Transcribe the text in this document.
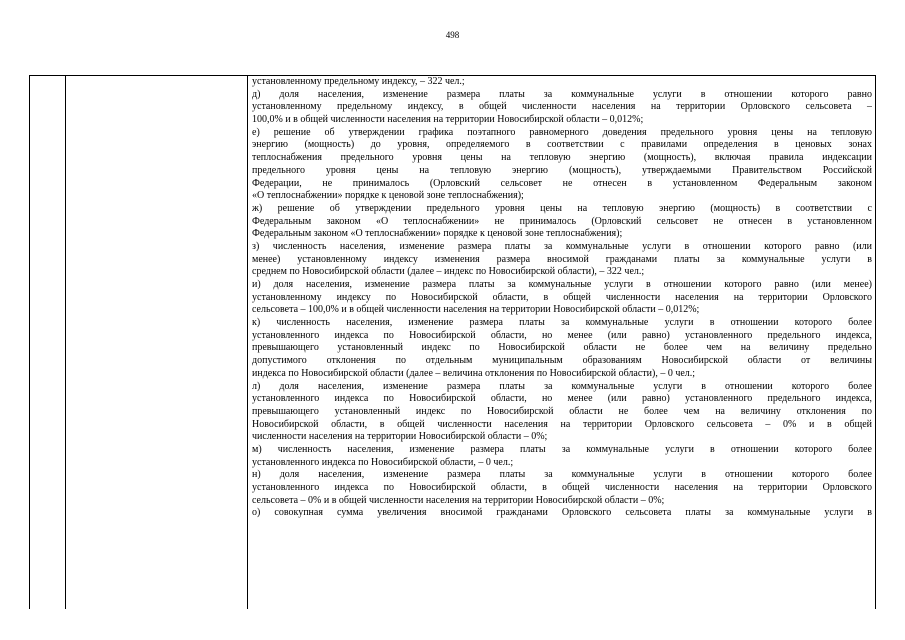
498
установленному предельному индексу, – 322 чел.;
д) доля населения, изменение размера платы за коммунальные услуги в отношении которого равно
установленному предельному индексу, в общей численности населения на территории Орловского сельсовета –
100,0% и в общей численности населения на территории Новосибирской области – 0,012%;
е) решение об утверждении графика поэтапного равномерного доведения предельного уровня цены на тепловую
энергию (мощность) до уровня, определяемого в соответствии с правилами определения в ценовых зонах
теплоснабжения предельного уровня цены на тепловую энергию (мощность), включая правила индексации
предельного уровня цены на тепловую энергию (мощность), утверждаемыми Правительством Российской
Федерации, не принималось (Орловский сельсовет не отнесен в установленном Федеральным законом
«О теплоснабжении» порядке к ценовой зоне теплоснабжения);
ж) решение об утверждении предельного уровня цены на тепловую энергию (мощность) в соответствии с
Федеральным законом «О теплоснабжении» не принималось (Орловский сельсовет не отнесен в установленном
Федеральным законом «О теплоснабжении» порядке к ценовой зоне теплоснабжения);
з) численность населения, изменение размера платы за коммунальные услуги в отношении которого равно (или
менее) установленному индексу изменения размера вносимой гражданами платы за коммунальные услуги в
среднем по Новосибирской области (далее – индекс по Новосибирской области), – 322 чел.;
и) доля населения, изменение размера платы за коммунальные услуги в отношении которого равно (или менее)
установленному индексу по Новосибирской области, в общей численности населения на территории Орловского
сельсовета – 100,0% и в общей численности населения на территории Новосибирской области – 0,012%;
к) численность населения, изменение размера платы за коммунальные услуги в отношении которого более
установленного индекса по Новосибирской области, но менее (или равно) установленного предельного индекса,
превышающего установленный индекс по Новосибирской области не более чем на величину предельно
допустимого отклонения по отдельным муниципальным образованиям Новосибирской области от величины
индекса по Новосибирской области (далее – величина отклонения по Новосибирской области), – 0 чел.;
л) доля населения, изменение размера платы за коммунальные услуги в отношении которого более
установленного индекса по Новосибирской области, но менее (или равно) установленного предельного индекса,
превышающего установленный индекс по Новосибирской области не более чем на величину отклонения по
Новосибирской области, в общей численности населения на территории Орловского сельсовета – 0% и в общей
численности населения на территории Новосибирской области – 0%;
м) численность населения, изменение размера платы за коммунальные услуги в отношении которого более
установленного индекса по Новосибирской области, – 0 чел.;
н) доля населения, изменение размера платы за коммунальные услуги в отношении которого более
установленного индекса по Новосибирской области, в общей численности населения на территории Орловского
сельсовета – 0% и в общей численности населения на территории Новосибирской области – 0%;
о) совокупная сумма увеличения вносимой гражданами Орловского сельсовета платы за коммунальные услуги в
